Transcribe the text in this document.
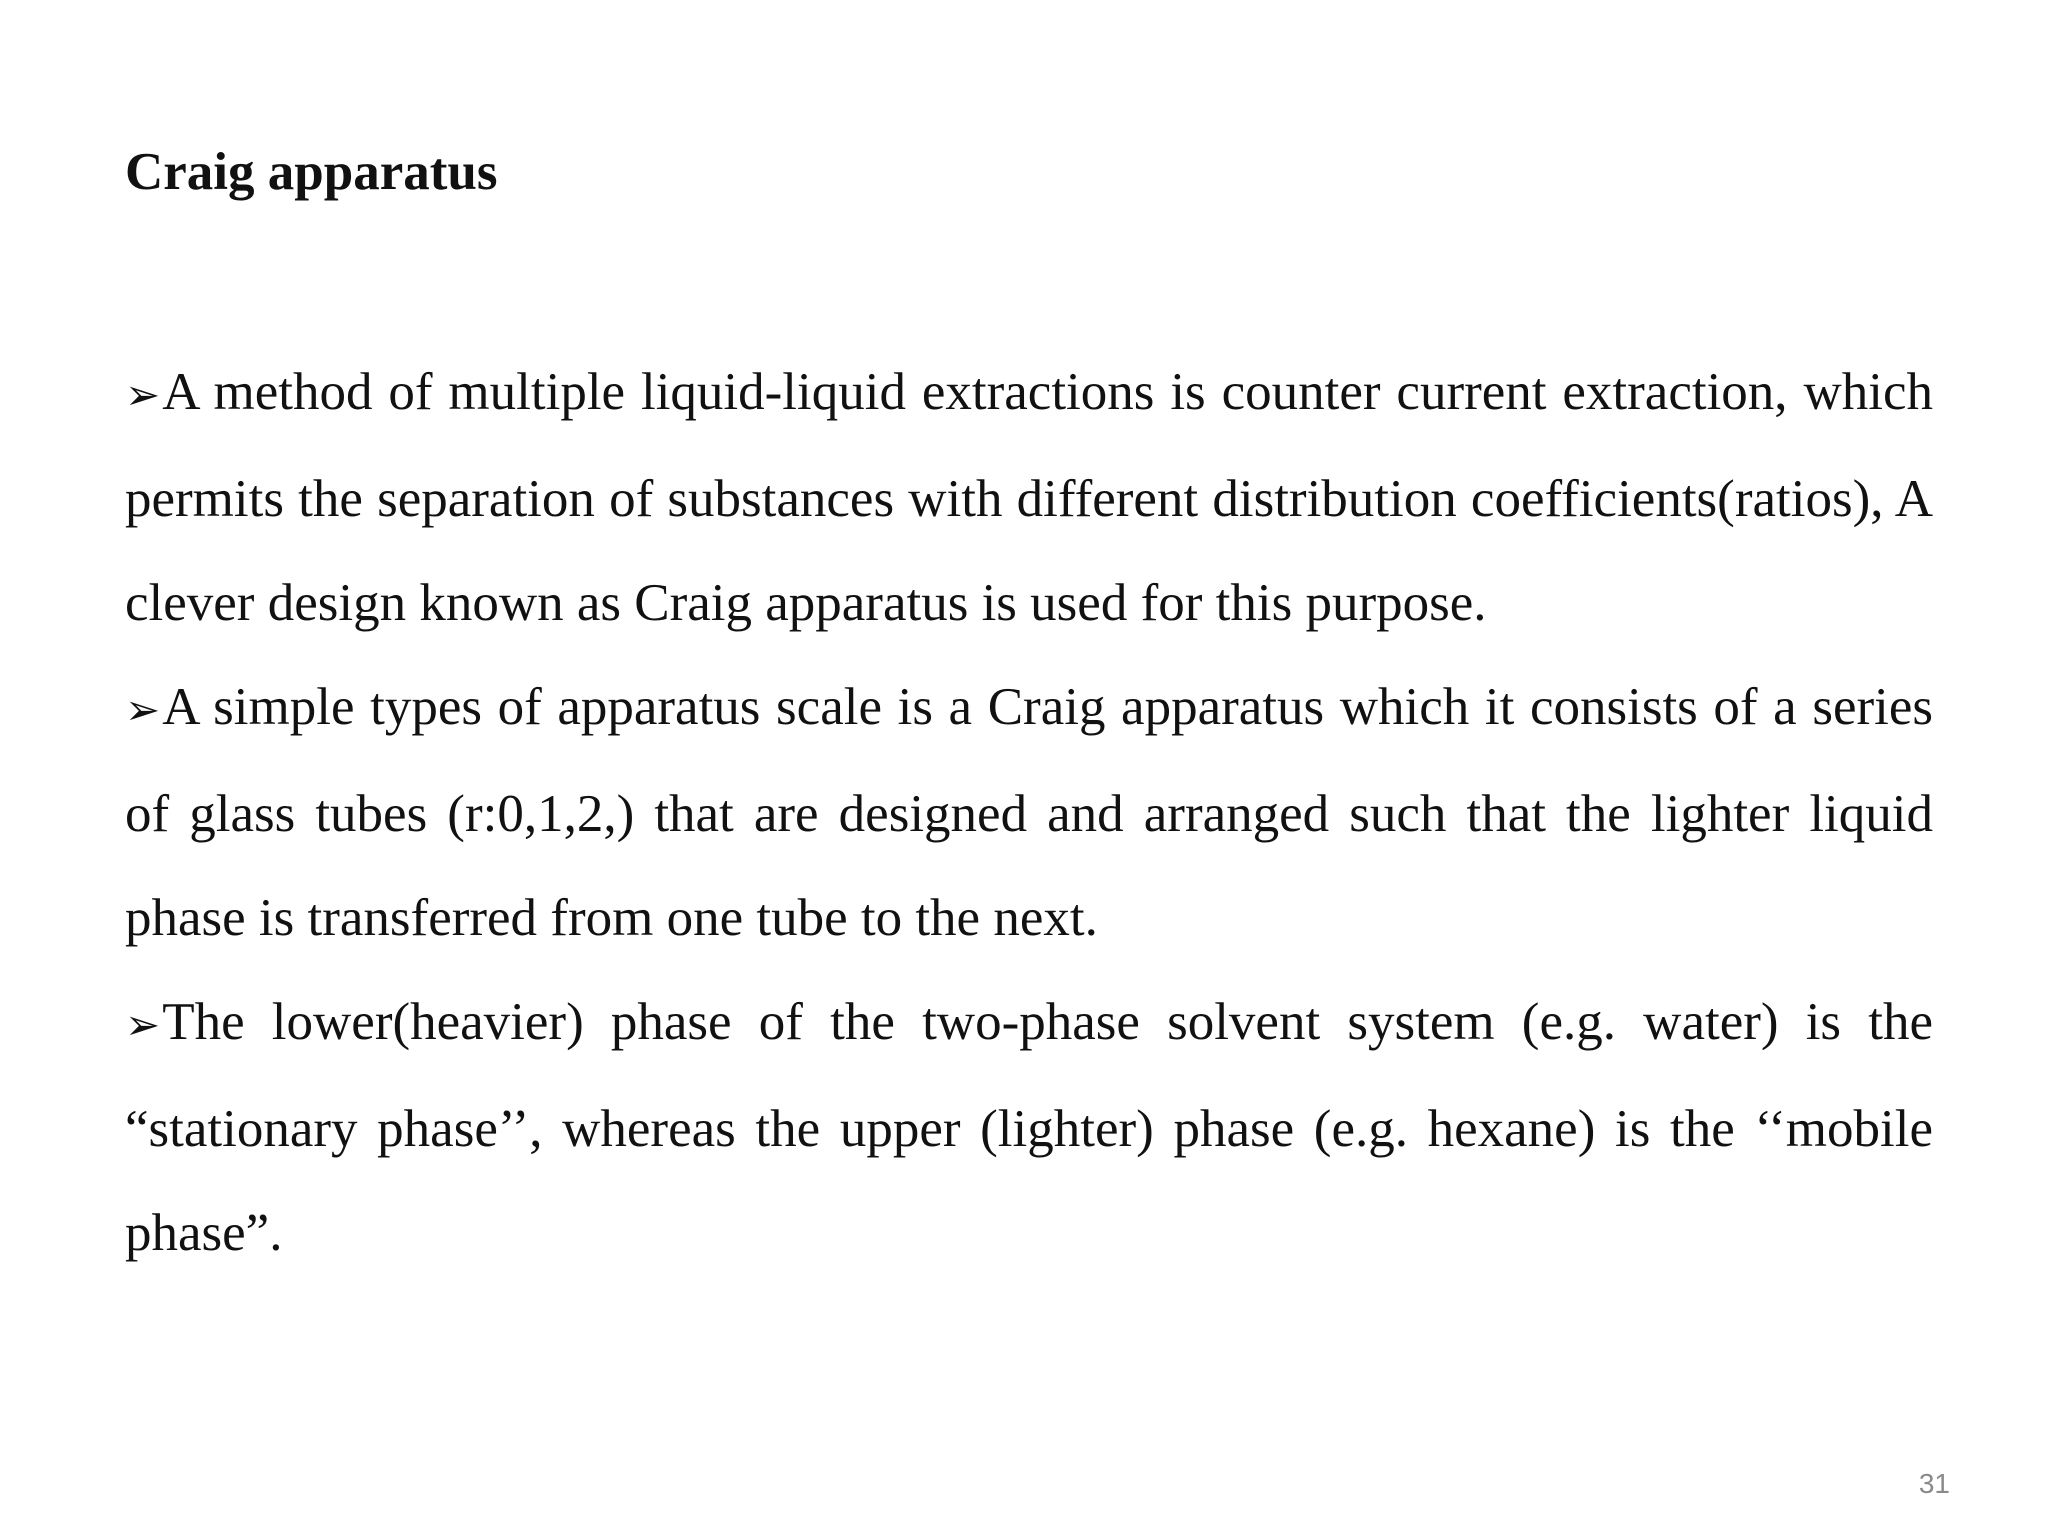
Craig apparatus

➢A method of multiple liquid-liquid extractions is counter current extraction, which permits the separation of substances with different distribution coefficients(ratios), A clever design known as Craig apparatus is used for this purpose.

➢A simple types of apparatus scale is a Craig apparatus which it consists of a series of glass tubes (r:0,1,2,) that are designed and arranged such that the lighter liquid phase is transferred from one tube to the next.

➢The lower(heavier) phase of the two-phase solvent system (e.g. water) is the “stationary phase’’, whereas the upper (lighter) phase (e.g. hexane) is the ‘‘mobile phase”.

31
